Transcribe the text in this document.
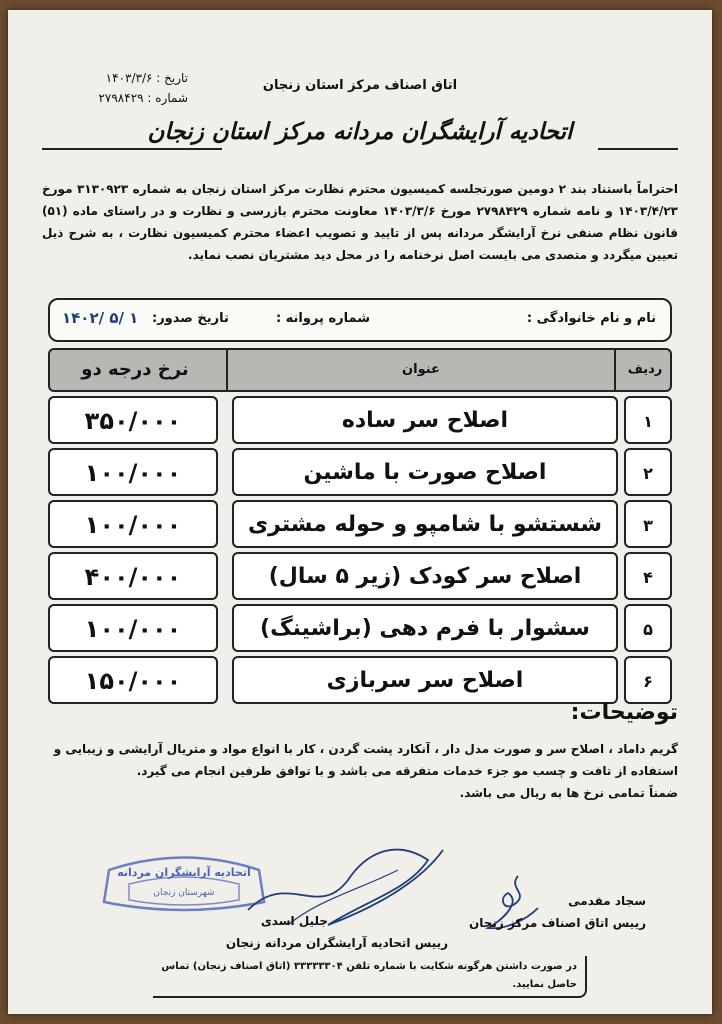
تاریخ : ۱۴۰۳/۳/۶
شماره : ۲۷۹۸۴۲۹
اتاق اصناف مرکز استان زنجان
اتحادیه آرایشگران مردانه مرکز استان زنجان
احتراماً باستناد بند ۲ دومین صورتجلسه کمیسیون محترم نظارت مرکز استان زنجان به شماره ۳۱۳۰۹۲۳ مورخ ۱۴۰۳/۴/۲۳ و نامه شماره ۲۷۹۸۴۲۹ مورخ ۱۴۰۳/۳/۶ معاونت محترم بازرسی و نظارت و در راستای ماده (۵۱) قانون نظام صنفی نرخ آرایشگر مردانه پس از تایید و تصویب اعضاء محترم کمیسیون نظارت ، به شرح ذیل تعیین میگردد و متصدی می بایست اصل نرخنامه را در محل دید مشتریان نصب نماید.
نام و نام خانوادگی :
شماره پروانه :
تاریخ صدور:
۱۴۰۲/ ۵/ ۱
ردیف
عنوان
نرخ درجه دو
۱
اصلاح سر ساده
۳۵۰/۰۰۰
۲
اصلاح صورت با ماشین
۱۰۰/۰۰۰
۳
شستشو با شامپو و حوله مشتری
۱۰۰/۰۰۰
۴
اصلاح سر کودک (زیر ۵ سال)
۴۰۰/۰۰۰
۵
سشوار با فرم دهی (براشینگ)
۱۰۰/۰۰۰
۶
اصلاح سر سربازی
۱۵۰/۰۰۰
توضیحات:
گریم داماد ، اصلاح سر و صورت مدل دار ، آنکارد پشت گردن ، کار با انواع مواد و متریال آرایشی و زیبایی و استفاده از تافت و چسب مو جزء خدمات متفرقه می باشد و با توافق طرفین انجام می گیرد.
ضمناً تمامی نرخ ها به ریال می باشد.
اتحادیه آرایشگران مردانه
شهرستان زنجان
سجاد مقدمی
رییس اتاق اصناف مرکز زنجان
جلیل اسدی
رییس اتحادیه آرایشگران مردانه زنجان
در صورت داشتن هرگونه شکایت با شماره تلفن ۳۳۳۳۳۳۰۴ (اتاق اصناف زنجان) تماس حاصل نمایید.
